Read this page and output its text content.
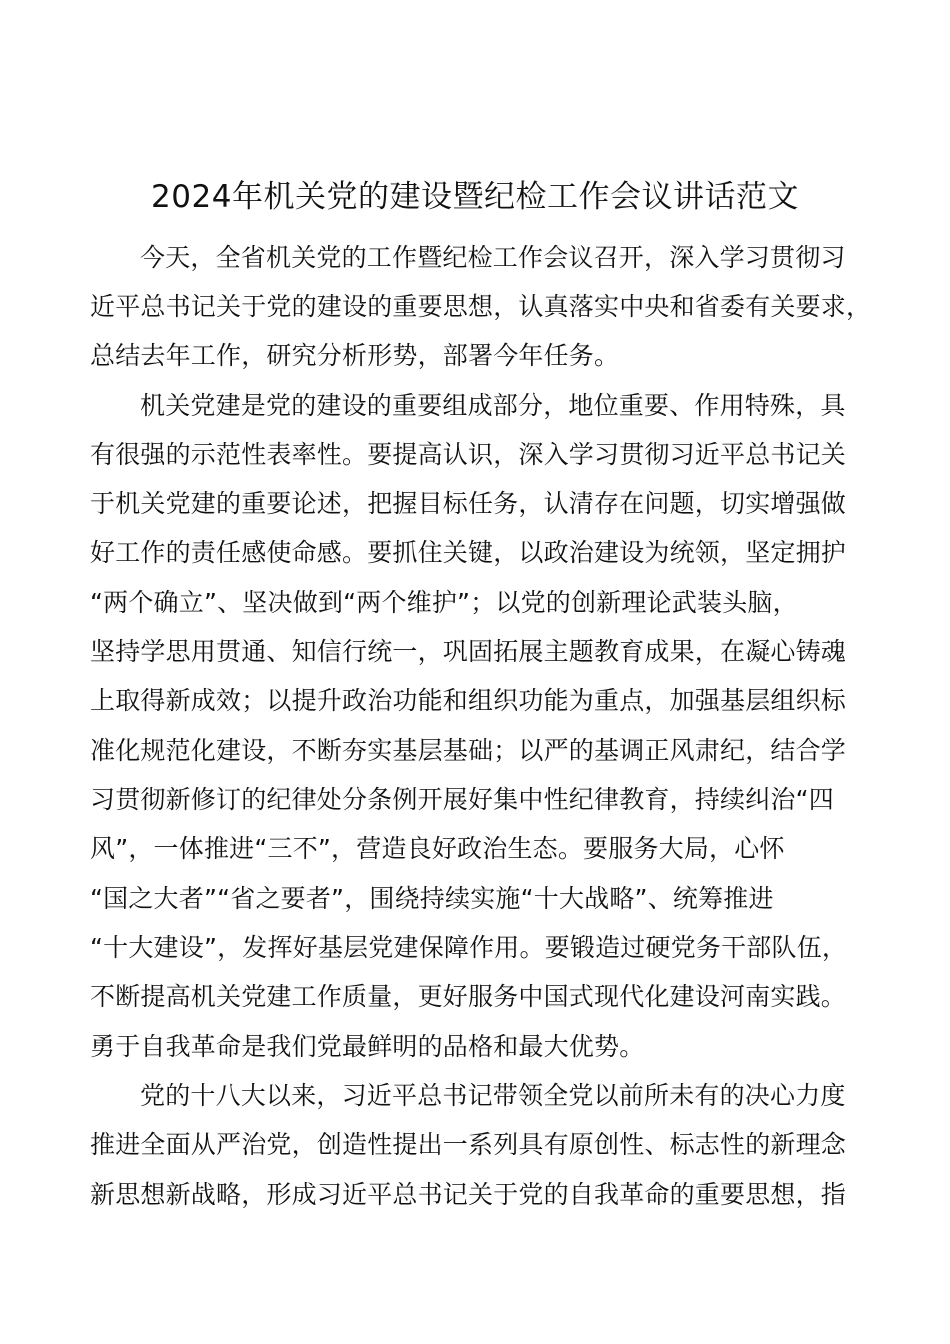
2024年机关党的建设暨纪检工作会议讲话范文
今天，全省机关党的工作暨纪检工作会议召开，深入学习贯彻习
近平总书记关于党的建设的重要思想，认真落实中央和省委有关要求，
总结去年工作，研究分析形势，部署今年任务。
机关党建是党的建设的重要组成部分，地位重要、作用特殊，具
有很强的示范性表率性。要提高认识，深入学习贯彻习近平总书记关
于机关党建的重要论述，把握目标任务，认清存在问题，切实增强做
好工作的责任感使命感。要抓住关键，以政治建设为统领，坚定拥护
“两个确立”、坚决做到“两个维护”；以党的创新理论武装头脑，
坚持学思用贯通、知信行统一，巩固拓展主题教育成果，在凝心铸魂
上取得新成效；以提升政治功能和组织功能为重点，加强基层组织标
准化规范化建设，不断夯实基层基础；以严的基调正风肃纪，结合学
习贯彻新修订的纪律处分条例开展好集中性纪律教育，持续纠治“四
风”，一体推进“三不”，营造良好政治生态。要服务大局，心怀
“国之大者”“省之要者”，围绕持续实施“十大战略”、统筹推进
“十大建设”，发挥好基层党建保障作用。要锻造过硬党务干部队伍，
不断提高机关党建工作质量，更好服务中国式现代化建设河南实践。
勇于自我革命是我们党最鲜明的品格和最大优势。
党的十八大以来，习近平总书记带领全党以前所未有的决心力度
推进全面从严治党，创造性提出一系列具有原创性、标志性的新理念
新思想新战略，形成习近平总书记关于党的自我革命的重要思想，指
